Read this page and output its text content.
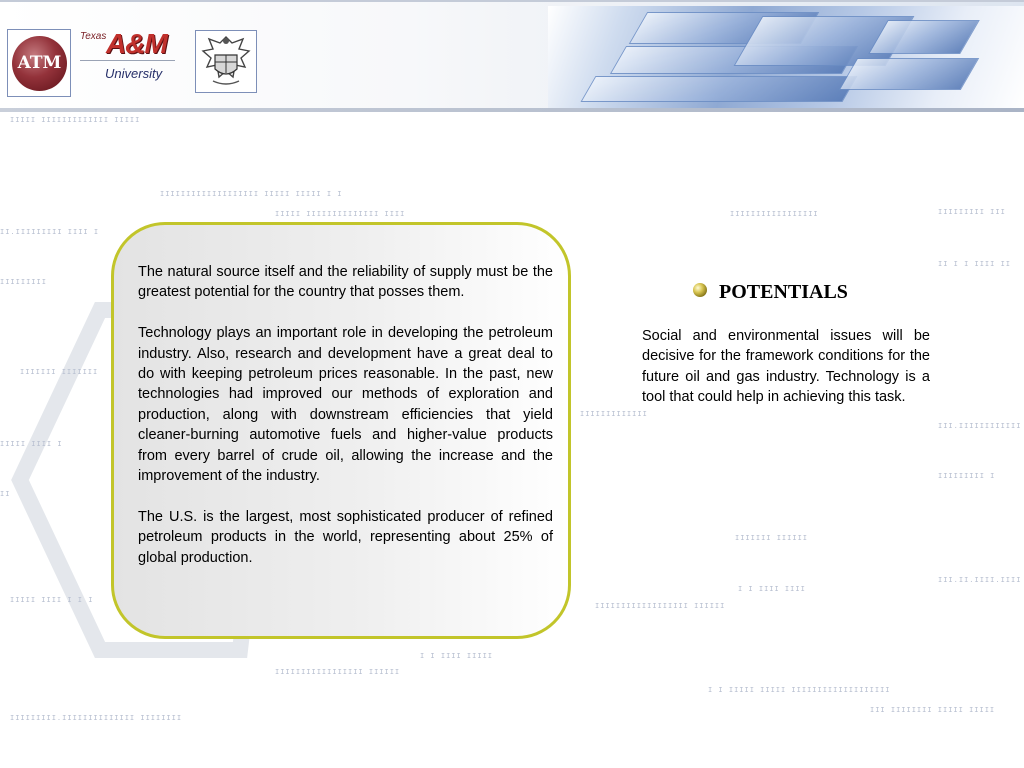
ATM
Texas A&M
University
IIIII IIIIIIIIIIIII IIIII
IIIIIIIIIIIIIIIIIII IIIII IIIII I I
IIIII IIIIIIIIIIIIII IIII
II.IIIIIIIII IIII I
IIIIIIIII
IIIIIII IIIIIII
IIIII IIII I
II
IIIII IIII I I I
IIIIIIIIIIIIIIIII	IIIIIIIII III
II I I IIII II
IIIIIIIIIIIII
III.IIIIIIIIIIII
IIIIIIIII I
IIIIIII IIIIII
I I IIII IIII
III.II.IIII.IIII
IIIIIIIIIIIIIIIIII IIIIII
I I IIII IIIII
IIIIIIIIIIIIIIIII IIIIII
I I IIIII IIIII IIIIIIIIIIIIIIIIIII
IIIIIIIII.IIIIIIIIIIIIII IIIIIIII
III IIIIIIII IIIII IIIII

The natural source itself and the reliability of supply must be the greatest potential for the country that posses them.

Technology plays an important role in developing the petroleum industry. Also, research and development have a great deal to do with keeping petroleum prices reasonable. In the past, new technologies had improved our methods of exploration and production, along with downstream efficiencies that yield cleaner-burning automotive fuels and higher-value products from every barrel of crude oil, allowing the increase and the improvement of the industry.

The U.S. is the largest, most sophisticated producer of refined petroleum products in the world, representing about 25% of global production.

POTENTIALS

Social and environmental issues will be decisive for the framework conditions for the future oil and gas industry. Technology is a tool that could help in achieving this task.
